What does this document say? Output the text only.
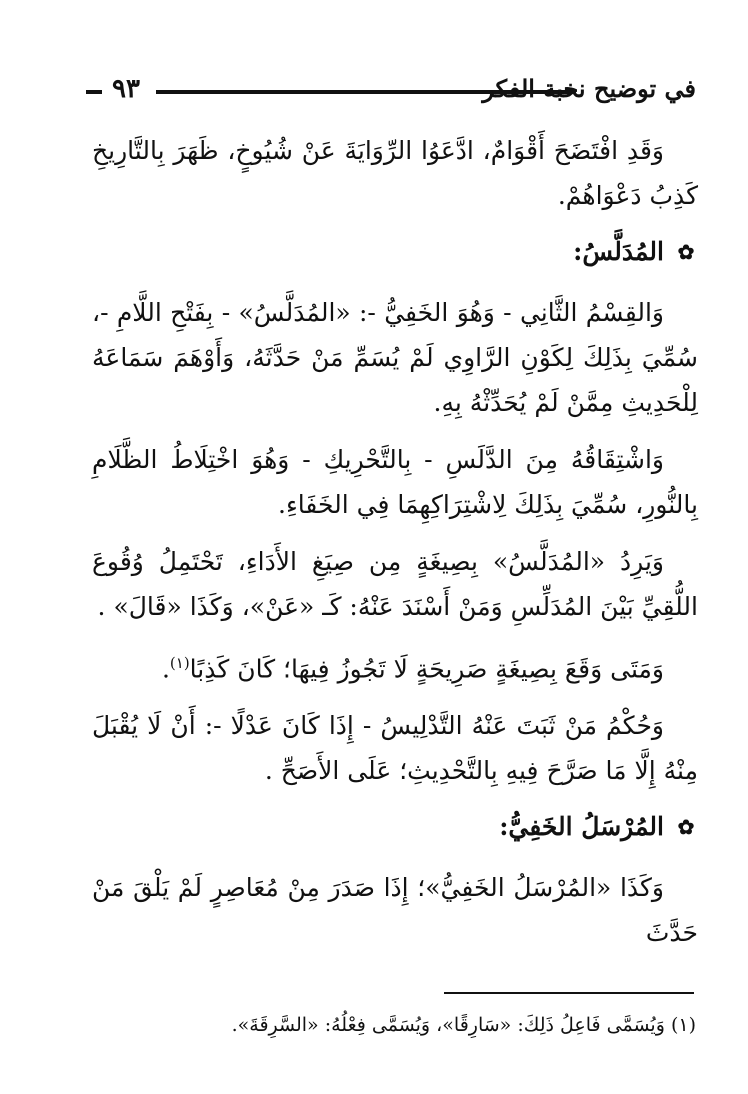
٩٣	في توضيح نخبة الفكر

وَقَدِ افْتَضَحَ أَقْوَامٌ، ادَّعَوُا الرِّوَايَةَ عَنْ شُيُوخٍ، ظَهَرَ بِالتَّارِيخِ كَذِبُ دَعْوَاهُمْ.

✿
المُدَلَّسُ:

وَالقِسْمُ الثَّانِي - وَهُوَ الخَفِيُّ -: «المُدَلَّسُ» - بِفَتْحِ اللَّامِ -، سُمِّيَ بِذَلِكَ لِكَوْنِ الرَّاوِي لَمْ يُسَمِّ مَنْ حَدَّثَهُ، وَأَوْهَمَ سَمَاعَهُ لِلْحَدِيثِ مِمَّنْ لَمْ يُحَدِّثْهُ بِهِ.

وَاشْتِقَاقُهُ مِنَ الدَّلَسِ - بِالتَّحْرِيكِ - وَهُوَ اخْتِلَاطُ الظَّلَامِ بِالنُّورِ، سُمِّيَ بِذَلِكَ لِاشْتِرَاكِهِمَا فِي الخَفَاءِ.

وَيَرِدُ «المُدَلَّسُ» بِصِيغَةٍ مِن صِيَغِ الأَدَاءِ، تَحْتَمِلُ وُقُوعَ اللُّقِيِّ بَيْنَ المُدَلِّسِ وَمَنْ أَسْنَدَ عَنْهُ: كَـ «عَنْ»، وَكَذَا «قَالَ» .

وَمَتَى وَقَعَ بِصِيغَةٍ صَرِيحَةٍ لَا تَجُوزُ فِيهَا؛ كَانَ كَذِبًا$^{(١)}$.

وَحُكْمُ مَنْ ثَبَتَ عَنْهُ التَّدْلِيسُ - إِذَا كَانَ عَدْلًا -: أَنْ لَا يُقْبَلَ مِنْهُ إِلَّا مَا صَرَّحَ فِيهِ بِالتَّحْدِيثِ؛ عَلَى الأَصَحِّ .

✿
المُرْسَلُ الخَفِيُّ:

وَكَذَا «المُرْسَلُ الخَفِيُّ»؛ إِذَا صَدَرَ مِنْ مُعَاصِرٍ لَمْ يَلْقَ مَنْ حَدَّثَ

(١) وَيُسَمَّى فَاعِلُ ذَلِكَ: «سَارِقًا»، وَيُسَمَّى فِعْلُهُ: «السَّرِقَةَ».
